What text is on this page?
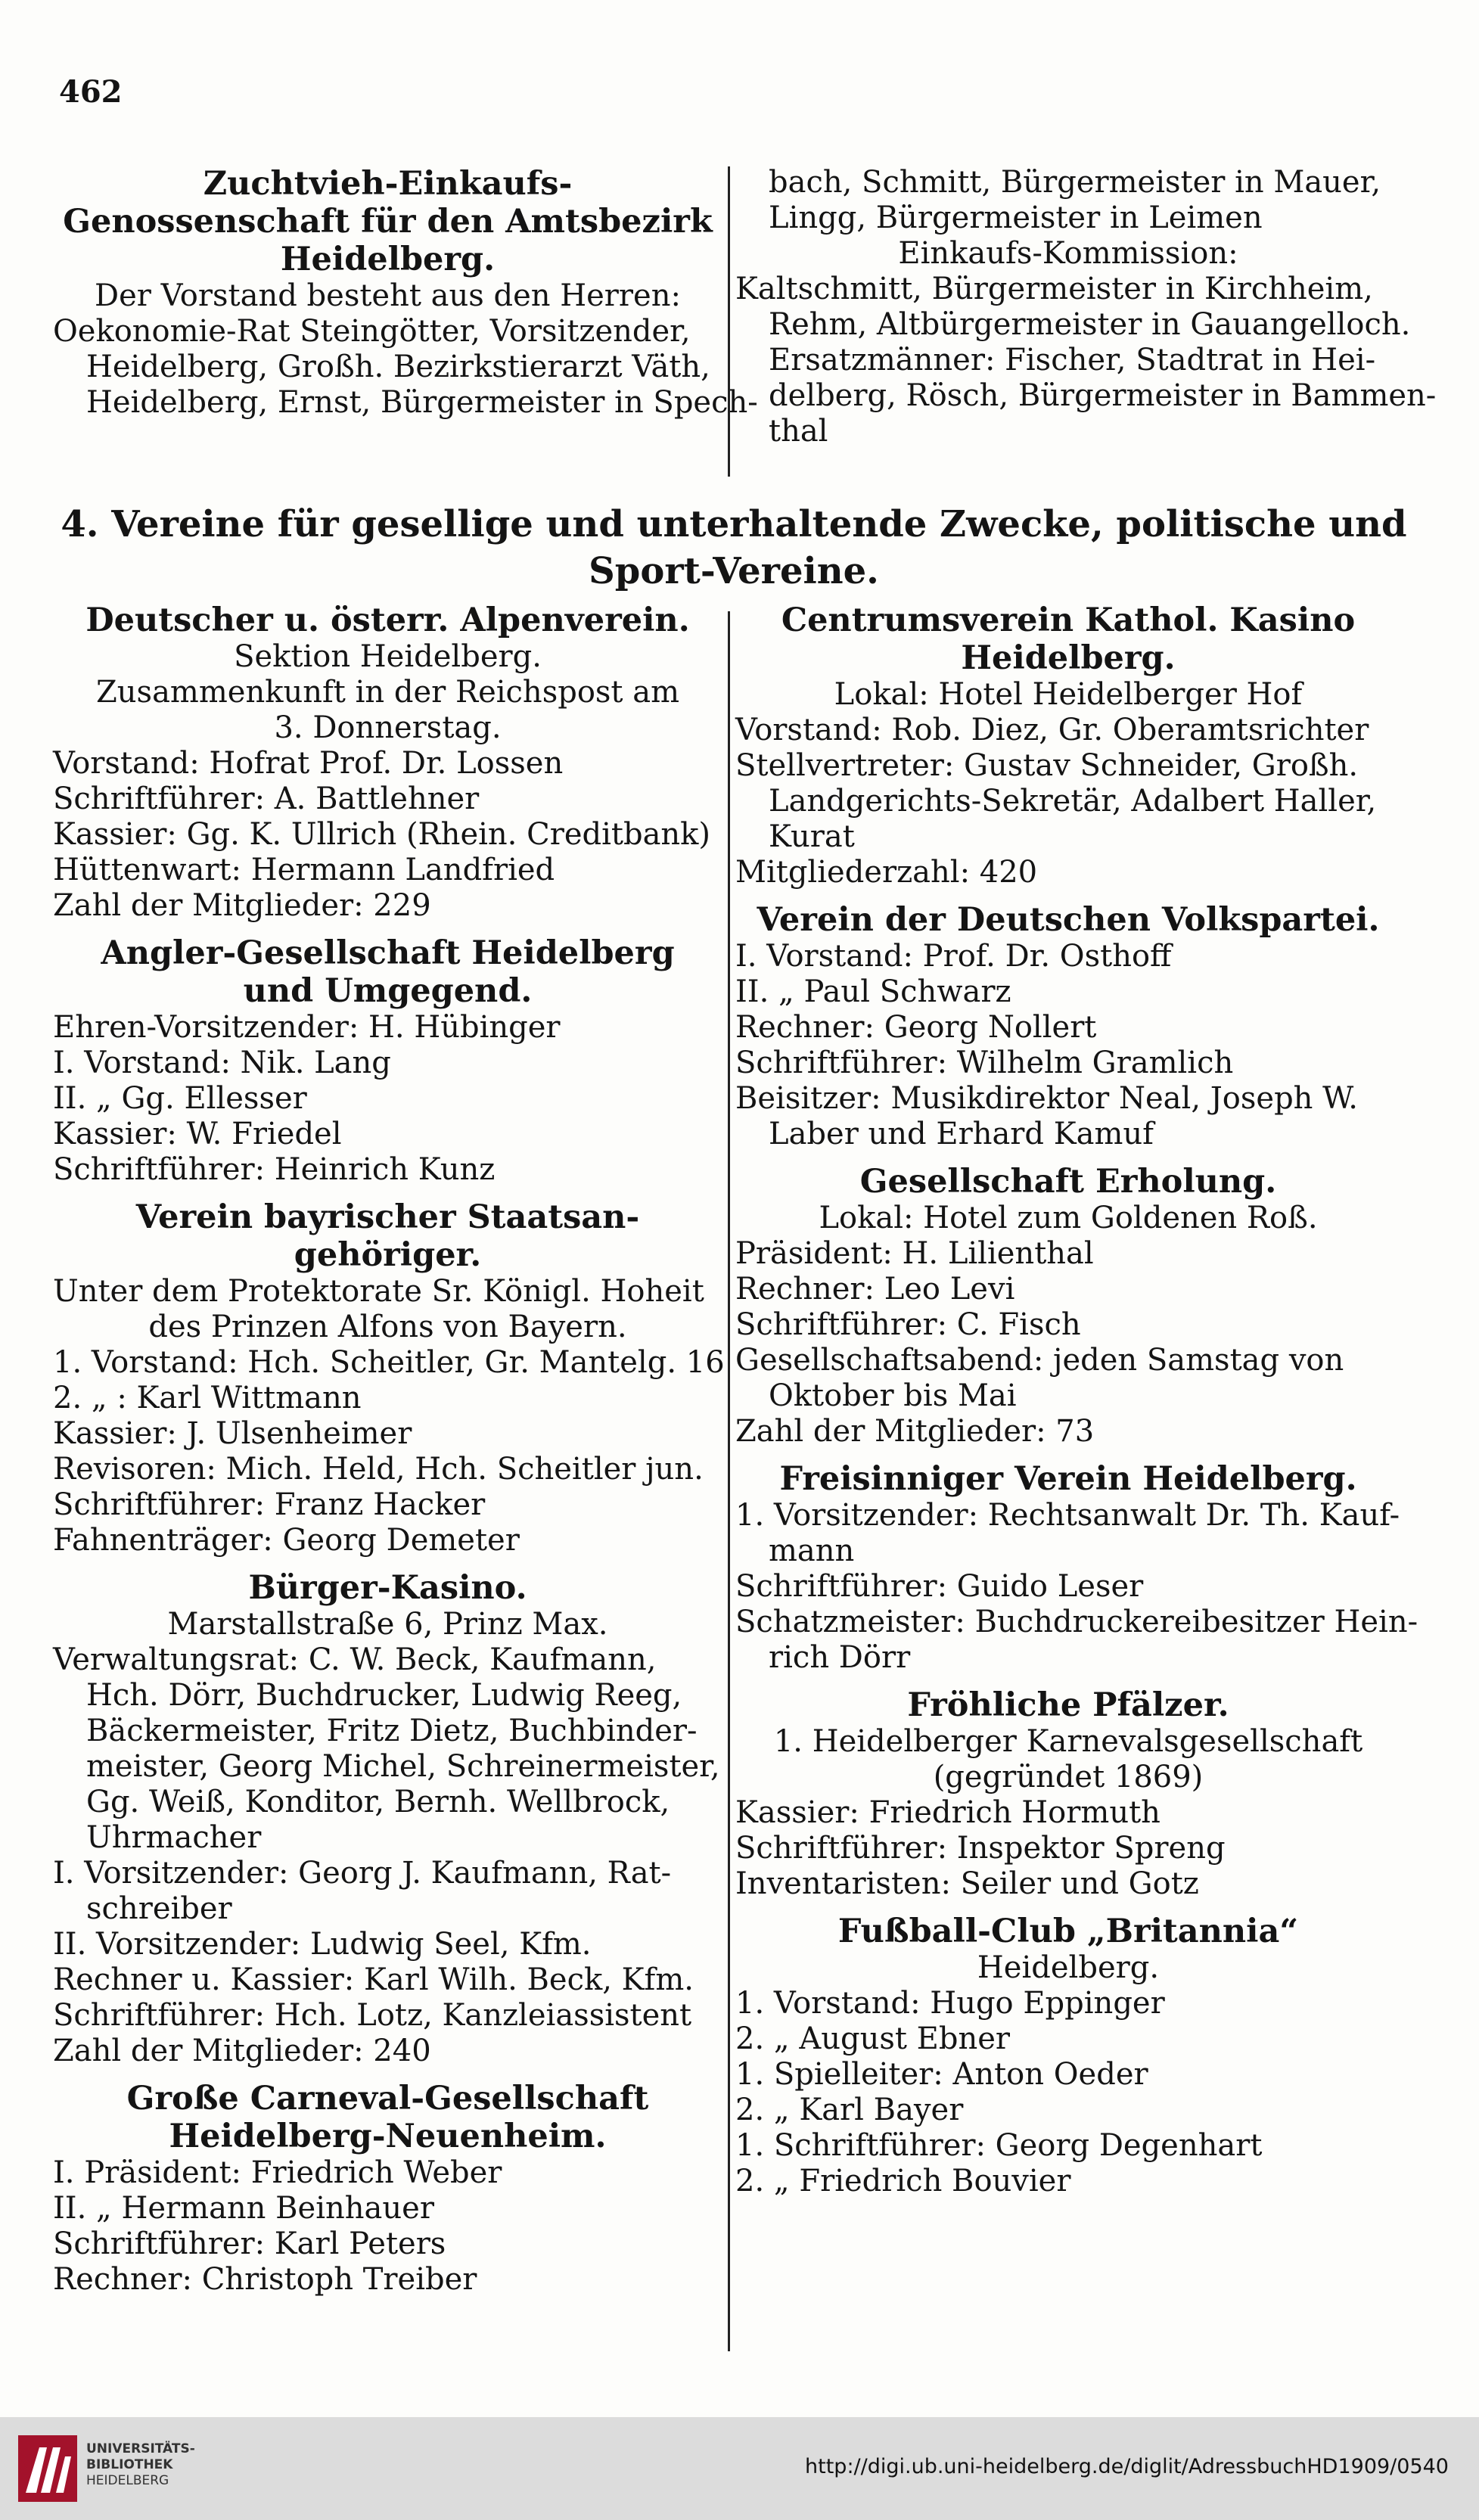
462
Zuchtvieh-Einkaufs-
Genossenschaft für den Amtsbezirk
Heidelberg.
Der Vorstand besteht aus den Herren:
Oekonomie-Rat Steingötter, Vorsitzender,
Heidelberg, Großh. Bezirkstierarzt Väth,
Heidelberg, Ernst, Bürgermeister in Spech-
bach, Schmitt, Bürgermeister in Mauer,
Lingg, Bürgermeister in Leimen
Einkaufs-Kommission:
Kaltschmitt, Bürgermeister in Kirchheim,
Rehm, Altbürgermeister in Gauangelloch.
Ersatzmänner: Fischer, Stadtrat in Hei-
delberg, Rösch, Bürgermeister in Bammen-
thal
4. Vereine für gesellige und unterhaltende Zwecke, politische und
Sport-Vereine.
Deutscher u. österr. Alpenverein.
Sektion Heidelberg.
Zusammenkunft in der Reichspost am
3. Donnerstag.
Vorstand: Hofrat Prof. Dr. Lossen
Schriftführer: A. Battlehner
Kassier: Gg. K. Ullrich (Rhein. Creditbank)
Hüttenwart: Hermann Landfried
Zahl der Mitglieder: 229
Angler-Gesellschaft Heidelberg
und Umgegend.
Ehren-Vorsitzender: H. Hübinger
I. Vorstand: Nik. Lang
II. „ Gg. Ellesser
Kassier: W. Friedel
Schriftführer: Heinrich Kunz
Verein bayrischer Staatsan-
gehöriger.
Unter dem Protektorate Sr. Königl. Hoheit
des Prinzen Alfons von Bayern.
1. Vorstand: Hch. Scheitler, Gr. Mantelg. 16
2. „ : Karl Wittmann
Kassier: J. Ulsenheimer
Revisoren: Mich. Held, Hch. Scheitler jun.
Schriftführer: Franz Hacker
Fahnenträger: Georg Demeter
Bürger-Kasino.
Marstallstraße 6, Prinz Max.
Verwaltungsrat: C. W. Beck, Kaufmann,
Hch. Dörr, Buchdrucker, Ludwig Reeg,
Bäckermeister, Fritz Dietz, Buchbinder-
meister, Georg Michel, Schreinermeister,
Gg. Weiß, Konditor, Bernh. Wellbrock,
Uhrmacher
I. Vorsitzender: Georg J. Kaufmann, Rat-
schreiber
II. Vorsitzender: Ludwig Seel, Kfm.
Rechner u. Kassier: Karl Wilh. Beck, Kfm.
Schriftführer: Hch. Lotz, Kanzleiassistent
Zahl der Mitglieder: 240
Große Carneval-Gesellschaft
Heidelberg-Neuenheim.
I. Präsident: Friedrich Weber
II. „ Hermann Beinhauer
Schriftführer: Karl Peters
Rechner: Christoph Treiber
Centrumsverein Kathol. Kasino
Heidelberg.
Lokal: Hotel Heidelberger Hof
Vorstand: Rob. Diez, Gr. Oberamtsrichter
Stellvertreter: Gustav Schneider, Großh.
Landgerichts-Sekretär, Adalbert Haller,
Kurat
Mitgliederzahl: 420
Verein der Deutschen Volkspartei.
I. Vorstand: Prof. Dr. Osthoff
II. „ Paul Schwarz
Rechner: Georg Nollert
Schriftführer: Wilhelm Gramlich
Beisitzer: Musikdirektor Neal, Joseph W.
Laber und Erhard Kamuf
Gesellschaft Erholung.
Lokal: Hotel zum Goldenen Roß.
Präsident: H. Lilienthal
Rechner: Leo Levi
Schriftführer: C. Fisch
Gesellschaftsabend: jeden Samstag von
Oktober bis Mai
Zahl der Mitglieder: 73
Freisinniger Verein Heidelberg.
1. Vorsitzender: Rechtsanwalt Dr. Th. Kauf-
mann
Schriftführer: Guido Leser
Schatzmeister: Buchdruckereibesitzer Hein-
rich Dörr
Fröhliche Pfälzer.
1. Heidelberger Karnevalsgesellschaft
(gegründet 1869)
Kassier: Friedrich Hormuth
Schriftführer: Inspektor Spreng
Inventaristen: Seiler und Gotz
Fußball-Club „Britannia“
Heidelberg.
1. Vorstand: Hugo Eppinger
2. „ August Ebner
1. Spielleiter: Anton Oeder
2. „ Karl Bayer
1. Schriftführer: Georg Degenhart
2. „ Friedrich Bouvier
UNIVERSITÄTS-
BIBLIOTHEK
HEIDELBERG
http://digi.ub.uni-heidelberg.de/diglit/AdressbuchHD1909/0540
